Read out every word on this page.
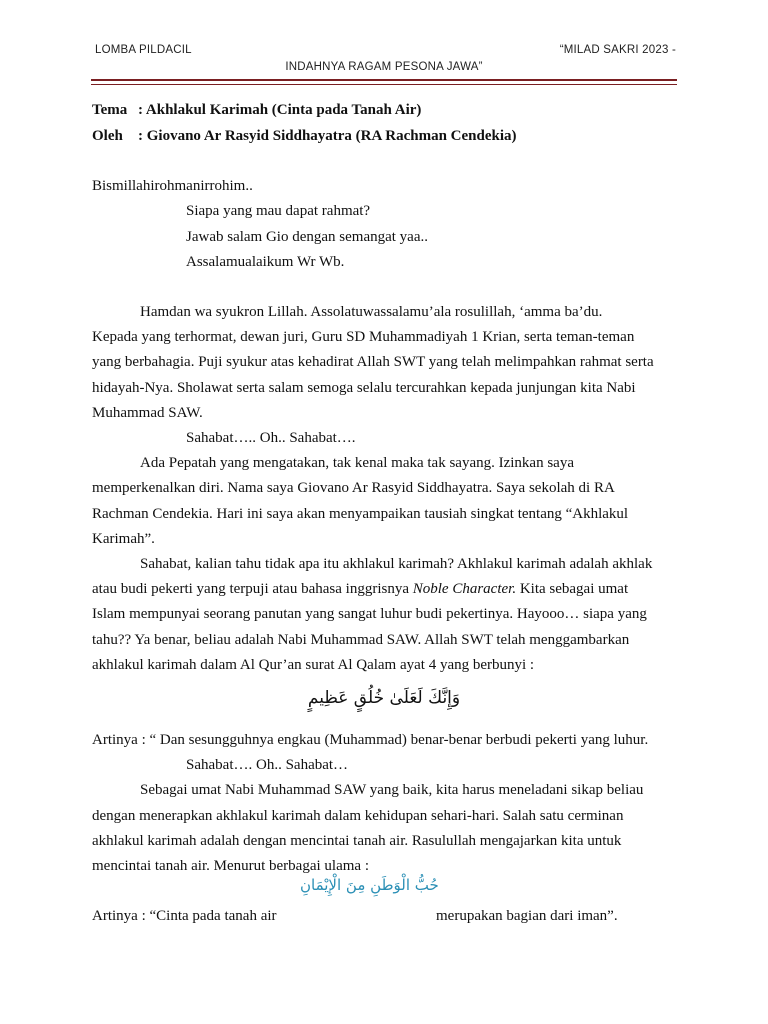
LOMBA PILDACIL	“MILAD SAKRI 2023 -
INDAHNYA RAGAM PESONA JAWA”
Tema : Akhlakul Karimah (Cinta pada Tanah Air)
Oleh : Giovano Ar Rasyid Siddhayatra (RA Rachman Cendekia)
Bismillahirohmanirrohim..
Siapa yang mau dapat rahmat?
Jawab salam Gio dengan semangat yaa..
Assalamualaikum Wr Wb.
Hamdan wa syukron Lillah. Assolatuwassalamu’ala rosulillah, ‘amma ba’du.
Kepada yang terhormat, dewan juri, Guru SD Muhammadiyah 1 Krian, serta teman-teman
yang berbahagia. Puji syukur atas kehadirat Allah SWT yang telah melimpahkan rahmat serta
hidayah-Nya. Sholawat serta salam semoga selalu tercurahkan kepada junjungan kita Nabi
Muhammad SAW.
Sahabat….. Oh.. Sahabat….
Ada Pepatah yang mengatakan, tak kenal maka tak sayang. Izinkan saya
memperkenalkan diri. Nama saya Giovano Ar Rasyid Siddhayatra. Saya sekolah di RA
Rachman Cendekia. Hari ini saya akan menyampaikan tausiah singkat tentang “Akhlakul
Karimah”.
Sahabat, kalian tahu tidak apa itu akhlakul karimah? Akhlakul karimah adalah akhlak
atau budi pekerti yang terpuji atau bahasa inggrisnya Noble Character. Kita sebagai umat
Islam mempunyai seorang panutan yang sangat luhur budi pekertinya. Hayooo… siapa yang
tahu?? Ya benar, beliau adalah Nabi Muhammad SAW. Allah SWT telah menggambarkan
akhlakul karimah dalam Al Qur’an surat Al Qalam ayat 4 yang berbunyi :
وَإِنَّكَ لَعَلَىٰ خُلُقٍ عَظِيمٍ
Artinya : “ Dan sesungguhnya engkau (Muhammad) benar-benar berbudi pekerti yang luhur.
Sahabat…. Oh.. Sahabat…
Sebagai umat Nabi Muhammad SAW yang baik, kita harus meneladani sikap beliau
dengan menerapkan akhlakul karimah dalam kehidupan sehari-hari. Salah satu cerminan
akhlakul karimah adalah dengan mencintai tanah air. Rasulullah mengajarkan kita untuk
mencintai tanah air. Menurut berbagai ulama :
حُبُّ الْوَطَنِ مِنَ الْإِيْمَانِ
Artinya : “Cinta pada tanah air	merupakan bagian dari iman”.
